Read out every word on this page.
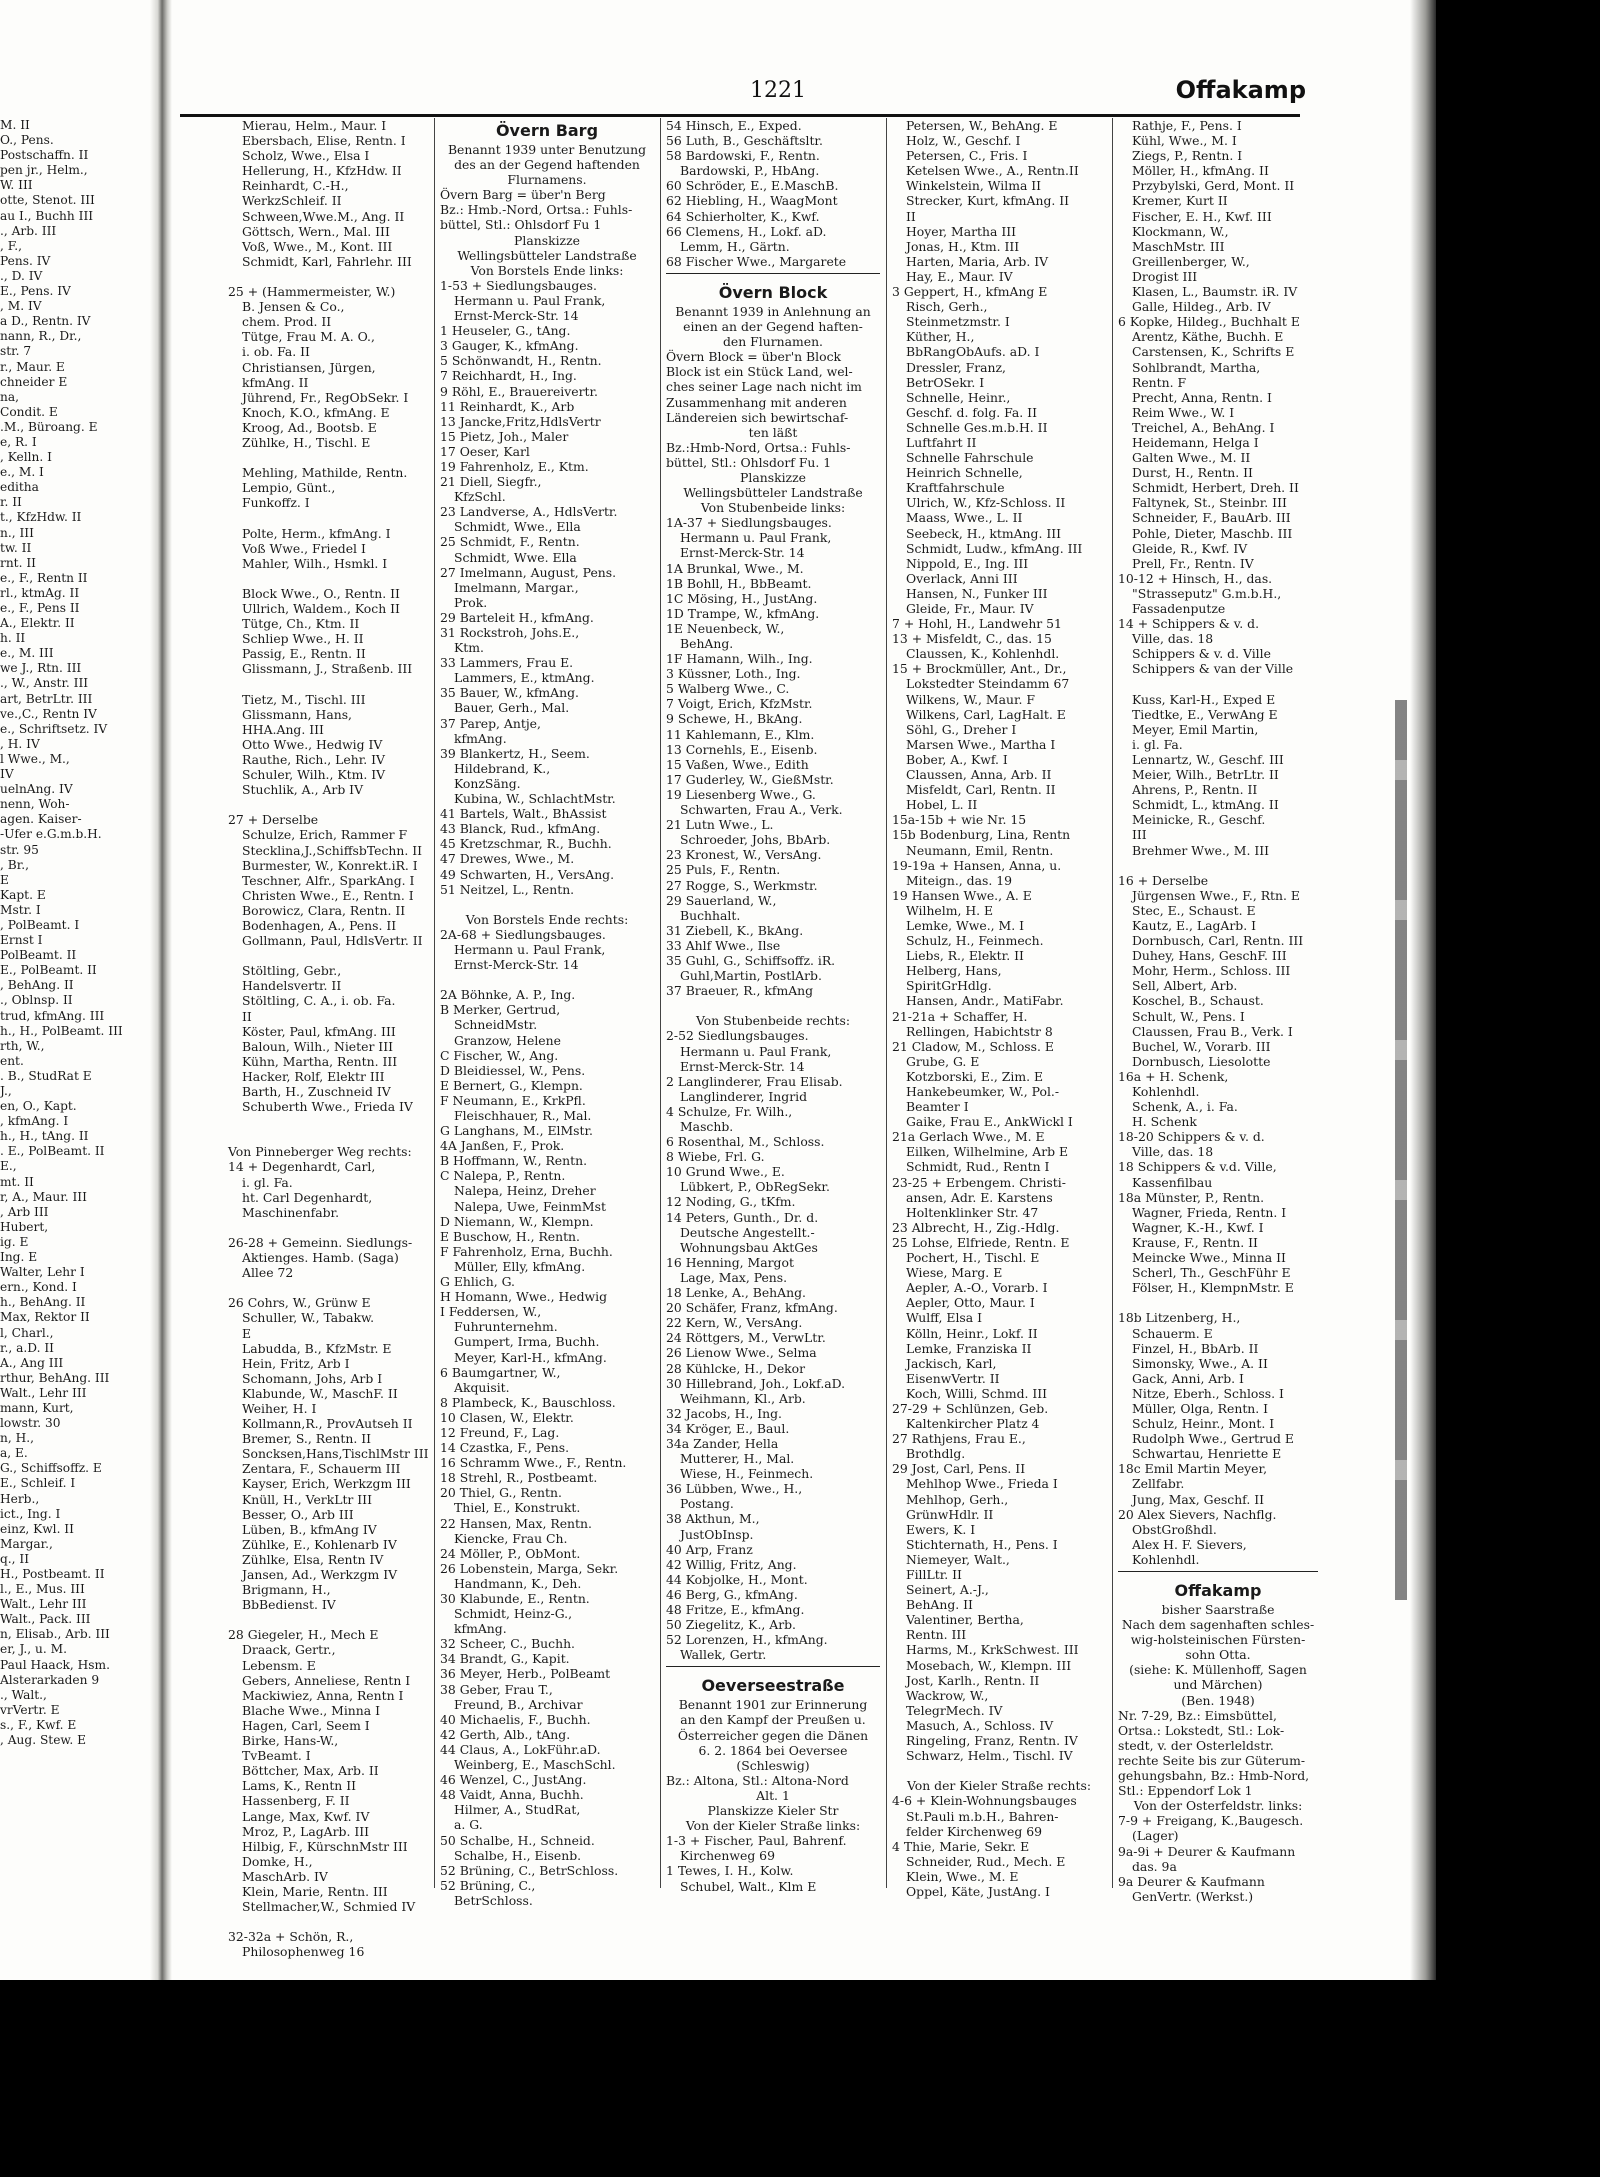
1221	Offakamp
M. II
O., Pens.
Postschaffn. II
pen jr., Helm.,
W. III
otte, Stenot. III
au I., Buchh III
., Arb. III
, F.,
Pens. IV
., D. IV
E., Pens. IV
, M. IV
a D., Rentn. IV
nann, R., Dr.,
str. 7
r., Maur. E
chneider E
na,
Condit. E
.M., Büroang. E
e, R. I
, Kelln. I
e., M. I
editha
r. II
t., KfzHdw. II
n., III
tw. II
rnt. II
e., F., Rentn II
rl., ktmAg. II
e., F., Pens II
A., Elektr. II
h. II
e., M. III
we J., Rtn. III
., W., Anstr. III
art, BetrLtr. III
ve.,C., Rentn IV
e., Schriftsetz. IV
, H. IV
l Wwe., M.,
IV
uelnAng. IV
nenn, Woh-
agen. Kaiser-
-Ufer e.G.m.b.H.
str. 95
, Br.,
E
Kapt. E
Mstr. I
, PolBeamt. I
Ernst I
PolBeamt. II
E., PolBeamt. II
, BehAng. II
., Oblnsp. II
trud, kfmAng. III
h., H., PolBeamt. III
rth, W.,
ent.
. B., StudRat E
J.,
en, O., Kapt.
, kfmAng. I
h., H., tAng. II
. E., PolBeamt. II
E.,
mt. II
r, A., Maur. III
, Arb III
Hubert,
ig. E
Ing. E
Walter, Lehr I
ern., Kond. I
h., BehAng. II
Max, Rektor II
l, Charl.,
r., a.D. II
A., Ang III
rthur, BehAng. III
Walt., Lehr III
mann, Kurt,
lowstr. 30
n, H.,
a, E.
G., Schiffsoffz. E
E., Schleif. I
Herb.,
ict., Ing. I
einz, Kwl. II
Margar.,
q., II
H., Postbeamt. II
l., E., Mus. III
Walt., Lehr III
Walt., Pack. III
n, Elisab., Arb. III
er, J., u. M.
Paul Haack, Hsm.
Alsterarkaden 9
., Walt.,
vrVertr. E
s., F., Kwf. E
, Aug. Stew. E
Mierau, Helm., Maur. I
Ebersbach, Elise, Rentn. I
Scholz, Wwe., Elsa I
Hellerung, H., KfzHdw. II
Reinhardt, C.-H.,
WerkzSchleif. II
Schween,Wwe.M., Ang. II
Göttsch, Wern., Mal. III
Voß, Wwe., M., Kont. III
Schmidt, Karl, Fahrlehr. III

25 + (Hammermeister, W.)
B. Jensen & Co.,
chem. Prod. II
Tütge, Frau M. A. O.,
i. ob. Fa. II
Christiansen, Jürgen,
kfmAng. II
Jührend, Fr., RegObSekr. I
Knoch, K.O., kfmAng. E
Kroog, Ad., Bootsb. E
Zühlke, H., Tischl. E

Mehling, Mathilde, Rentn.
Lempio, Günt.,
Funkoffz. I

Polte, Herm., kfmAng. I
Voß Wwe., Friedel I
Mahler, Wilh., Hsmkl. I

Block Wwe., O., Rentn. II
Ullrich, Waldem., Koch II
Tütge, Ch., Ktm. II
Schliep Wwe., H. II
Passig, E., Rentn. II
Glissmann, J., Straßenb. III

Tietz, M., Tischl. III
Glissmann, Hans,
HHA.Ang. III
Otto Wwe., Hedwig IV
Rauthe, Rich., Lehr. IV
Schuler, Wilh., Ktm. IV
Stuchlik, A., Arb IV

27 + Derselbe
Schulze, Erich, Rammer F
Stecklina,J.,SchiffsbTechn. II
Burmester, W., Konrekt.iR. I
Teschner, Alfr., SparkAng. I
Christen Wwe., E., Rentn. I
Borowicz, Clara, Rentn. II
Bodenhagen, A., Pens. II
Gollmann, Paul, HdlsVertr. II

Stöltling, Gebr.,
Handelsvertr. II
Stöltling, C. A., i. ob. Fa.
II
Köster, Paul, kfmAng. III
Baloun, Wilh., Nieter III
Kühn, Martha, Rentn. III
Hacker, Rolf, Elektr III
Barth, H., Zuschneid IV
Schuberth Wwe., Frieda IV

Von Pinneberger Weg rechts:
14 + Degenhardt, Carl,
i. gl. Fa.
ht. Carl Degenhardt,
Maschinenfabr.

26-28 + Gemeinn. Siedlungs-
Aktienges. Hamb. (Saga)
Allee 72

26 Cohrs, W., Grünw E
Schuller, W., Tabakw.
E
Labudda, B., KfzMstr. E
Hein, Fritz, Arb I
Schomann, Johs, Arb I
Klabunde, W., MaschF. II
Weiher, H. I
Kollmann,R., ProvAutseh II
Bremer, S., Rentn. II
Soncksen,Hans,TischlMstr III
Zentara, F., Schauerm III
Kayser, Erich, Werkzgm III
Knüll, H., VerkLtr III
Besser, O., Arb III
Lüben, B., kfmAng IV
Zühlke, E., Kohlenarb IV
Zühlke, Elsa, Rentn IV
Jansen, Ad., Werkzgm IV
Brigmann, H.,
BbBedienst. IV

28 Giegeler, H., Mech E
Draack, Gertr.,
Lebensm. E
Gebers, Anneliese, Rentn I
Mackiwiez, Anna, Rentn I
Blache Wwe., Minna I
Hagen, Carl, Seem I
Birke, Hans-W.,
TvBeamt. I
Böttcher, Max, Arb. II
Lams, K., Rentn II
Hassenberg, F. II
Lange, Max, Kwf. IV
Mroz, P., LagArb. III
Hilbig, F., KürschnMstr III
Domke, H.,
MaschArb. IV
Klein, Marie, Rentn. III
Stellmacher,W., Schmied IV

32-32a + Schön, R.,
Philosophenweg 16
Övern Barg
Benannt 1939 unter Benutzung
des an der Gegend haftenden
Flurnamens.
Övern Barg = über'n Berg
Bz.: Hmb.-Nord, Ortsa.: Fuhls-
büttel, Stl.: Ohlsdorf Fu 1
Planskizze
Wellingsbütteler Landstraße
Von Borstels Ende links:
1-53 + Siedlungsbauges.
Hermann u. Paul Frank,
Ernst-Merck-Str. 14
1 Heuseler, G., tAng.
3 Gauger, K., kfmAng.
5 Schönwandt, H., Rentn.
7 Reichhardt, H., Ing.
9 Röhl, E., Brauereivertr.
11 Reinhardt, K., Arb
13 Jancke,Fritz,HdlsVertr
15 Pietz, Joh., Maler
17 Oeser, Karl
19 Fahrenholz, E., Ktm.
21 Diell, Siegfr.,
KfzSchl.
23 Landverse, A., HdlsVertr.
Schmidt, Wwe., Ella
25 Schmidt, F., Rentn.
Schmidt, Wwe. Ella
27 Imelmann, August, Pens.
Imelmann, Margar.,
Prok.
29 Barteleit H., kfmAng.
31 Rockstroh, Johs.E.,
Ktm.
33 Lammers, Frau E.
Lammers, E., ktmAng.
35 Bauer, W., kfmAng.
Bauer, Gerh., Mal.
37 Parep, Antje,
kfmAng.
39 Blankertz, H., Seem.
Hildebrand, K.,
KonzSäng.
Kubina, W., SchlachtMstr.
41 Bartels, Walt., BhAssist
43 Blanck, Rud., kfmAng.
45 Kretzschmar, R., Buchh.
47 Drewes, Wwe., M.
49 Schwarten, H., VersAng.
51 Neitzel, L., Rentn.

Von Borstels Ende rechts:
2A-68 + Siedlungsbauges.
Hermann u. Paul Frank,
Ernst-Merck-Str. 14

2A Böhnke, A. P., Ing.
B Merker, Gertrud,
SchneidMstr.
Granzow, Helene
C Fischer, W., Ang.
D Bleidiessel, W., Pens.
E Bernert, G., Klempn.
F Neumann, E., KrkPfl.
Fleischhauer, R., Mal.
G Langhans, M., ElMstr.
4A Janßen, F., Prok.
B Hoffmann, W., Rentn.
C Nalepa, P., Rentn.
Nalepa, Heinz, Dreher
Nalepa, Uwe, FeinmMst
D Niemann, W., Klempn.
E Buschow, H., Rentn.
F Fahrenholz, Erna, Buchh.
Müller, Elly, kfmAng.
G Ehlich, G.
H Homann, Wwe., Hedwig
I Feddersen, W.,
Fuhrunternehm.
Gumpert, Irma, Buchh.
Meyer, Karl-H., kfmAng.
6 Baumgartner, W.,
Akquisit.
8 Plambeck, K., Bauschloss.
10 Clasen, W., Elektr.
12 Freund, F., Lag.
14 Czastka, F., Pens.
16 Schramm Wwe., F., Rentn.
18 Strehl, R., Postbeamt.
20 Thiel, G., Rentn.
Thiel, E., Konstrukt.
22 Hansen, Max, Rentn.
Kiencke, Frau Ch.
24 Möller, P., ObMont.
26 Lobenstein, Marga, Sekr.
Handmann, K., Deh.
30 Klabunde, E., Rentn.
Schmidt, Heinz-G.,
kfmAng.
32 Scheer, C., Buchh.
34 Brandt, G., Kapit.
36 Meyer, Herb., PolBeamt
38 Geber, Frau T.,
Freund, B., Archivar
40 Michaelis, F., Buchh.
42 Gerth, Alb., tAng.
44 Claus, A., LokFühr.aD.
Weinberg, E., MaschSchl.
46 Wenzel, C., JustAng.
48 Vaidt, Anna, Buchh.
Hilmer, A., StudRat,
a. G.
50 Schalbe, H., Schneid.
Schalbe, H., Eisenb.
52 Brüning, C., BetrSchloss.
52 Brüning, C.,
BetrSchloss.
54 Hinsch, E., Exped.
56 Luth, B., Geschäftsltr.
58 Bardowski, F., Rentn.
Bardowski, P., HbAng.
60 Schröder, E., E.MaschB.
62 Hiebling, H., WaagMont
64 Schierholter, K., Kwf.
66 Clemens, H., Lokf. aD.
Lemm, H., Gärtn.
68 Fischer Wwe., Margarete

Övern Block
Benannt 1939 in Anlehnung an
einen an der Gegend haften-
den Flurnamen.
Övern Block = über'n Block
Block ist ein Stück Land, wel-
ches seiner Lage nach nicht im
Zusammenhang mit anderen
Ländereien sich bewirtschaf-
ten läßt
Bz.:Hmb-Nord, Ortsa.: Fuhls-
büttel, Stl.: Ohlsdorf Fu. 1
Planskizze
Wellingsbütteler Landstraße
Von Stubenbeide links:
1A-37 + Siedlungsbauges.
Hermann u. Paul Frank,
Ernst-Merck-Str. 14
1A Brunkal, Wwe., M.
1B Bohll, H., BbBeamt.
1C Mösing, H., JustAng.
1D Trampe, W., kfmAng.
1E Neuenbeck, W.,
BehAng.
1F Hamann, Wilh., Ing.
3 Küssner, Loth., Ing.
5 Walberg Wwe., C.
7 Voigt, Erich, KfzMstr.
9 Schewe, H., BkAng.
11 Kahlemann, E., Klm.
13 Cornehls, E., Eisenb.
15 Vaßen, Wwe., Edith
17 Guderley, W., GießMstr.
19 Liesenberg Wwe., G.
Schwarten, Frau A., Verk.
21 Lutn Wwe., L.
Schroeder, Johs, BbArb.
23 Kronest, W., VersAng.
25 Puls, F., Rentn.
27 Rogge, S., Werkmstr.
29 Sauerland, W.,
Buchhalt.
31 Ziebell, K., BkAng.
33 Ahlf Wwe., Ilse
35 Guhl, G., Schiffsoffz. iR.
Guhl,Martin, PostlArb.
37 Braeuer, R., kfmAng

Von Stubenbeide rechts:
2-52 Siedlungsbauges.
Hermann u. Paul Frank,
Ernst-Merck-Str. 14
2 Langlinderer, Frau Elisab.
Langlinderer, Ingrid
4 Schulze, Fr. Wilh.,
Maschb.
6 Rosenthal, M., Schloss.
8 Wiebe, Frl. G.
10 Grund Wwe., E.
Lübkert, P., ObRegSekr.
12 Noding, G., tKfm.
14 Peters, Gunth., Dr. d.
Deutsche Angestellt.-
Wohnungsbau AktGes
16 Henning, Margot
Lage, Max, Pens.
18 Lenke, A., BehAng.
20 Schäfer, Franz, kfmAng.
22 Kern, W., VersAng.
24 Röttgers, M., VerwLtr.
26 Lienow Wwe., Selma
28 Kühlcke, H., Dekor
30 Hillebrand, Joh., Lokf.aD.
Weihmann, Kl., Arb.
32 Jacobs, H., Ing.
34 Kröger, E., Baul.
34a Zander, Hella
Mutterer, H., Mal.
Wiese, H., Feinmech.
36 Lübben, Wwe., H.,
Postang.
38 Akthun, M.,
JustObInsp.
40 Arp, Franz
42 Willig, Fritz, Ang.
44 Kobjolke, H., Mont.
46 Berg, G., kfmAng.
48 Fritze, E., kfmAng.
50 Ziegelitz, K., Arb.
52 Lorenzen, H., kfmAng.
Wallek, Gertr.

Oeverseestraße
Benannt 1901 zur Erinnerung
an den Kampf der Preußen u.
Österreicher gegen die Dänen
6. 2. 1864 bei Oeversee
(Schleswig)
Bz.: Altona, Stl.: Altona-Nord
Alt. 1
Planskizze Kieler Str
Von der Kieler Straße links:
1-3 + Fischer, Paul, Bahrenf.
Kirchenweg 69
1 Tewes, I. H., Kolw.
Schubel, Walt., Klm E
Petersen, W., BehAng. E
Holz, W., Geschf. I
Petersen, C., Fris. I
Ketelsen Wwe., A., Rentn.II
Winkelstein, Wilma II
Strecker, Kurt, kfmAng. II
II
Hoyer, Martha III
Jonas, H., Ktm. III
Harten, Maria, Arb. IV
Hay, E., Maur. IV
3 Geppert, H., kfmAng E
Risch, Gerh.,
Steinmetzmstr. I
Küther, H.,
BbRangObAufs. aD. I
Dressler, Franz,
BetrOSekr. I
Schnelle, Heinr.,
Geschf. d. folg. Fa. II
Schnelle Ges.m.b.H. II
Luftfahrt II
Schnelle Fahrschule
Heinrich Schnelle,
Kraftfahrschule
Ulrich, W., Kfz-Schloss. II
Maass, Wwe., L. II
Seebeck, H., ktmAng. III
Schmidt, Ludw., kfmAng. III
Nippold, E., Ing. III
Overlack, Anni III
Hansen, N., Funker III
Gleide, Fr., Maur. IV
7 + Hohl, H., Landwehr 51
13 + Misfeldt, C., das. 15
Claussen, K., Kohlenhdl.
15 + Brockmüller, Ant., Dr.,
Lokstedter Steindamm 67
Wilkens, W., Maur. F
Wilkens, Carl, LagHalt. E
Söhl, G., Dreher I
Marsen Wwe., Martha I
Bober, A., Kwf. I
Claussen, Anna, Arb. II
Misfeldt, Carl, Rentn. II
Hobel, L. II
15a-15b + wie Nr. 15
15b Bodenburg, Lina, Rentn
Neumann, Emil, Rentn.
19-19a + Hansen, Anna, u.
Miteign., das. 19
19 Hansen Wwe., A. E
Wilhelm, H. E
Lemke, Wwe., M. I
Schulz, H., Feinmech.
Liebs, R., Elektr. II
Helberg, Hans,
SpiritGrHdlg.
Hansen, Andr., MatiFabr.
21-21a + Schaffer, H.
Rellingen, Habichtstr 8
21 Cladow, M., Schloss. E
Grube, G. E
Kotzborski, E., Zim. E
Hankebeumker, W., Pol.-
Beamter I
Gaike, Frau E., AnkWickl I
21a Gerlach Wwe., M. E
Eilken, Wilhelmine, Arb E
Schmidt, Rud., Rentn I
23-25 + Erbengem. Christi-
ansen, Adr. E. Karstens
Holtenklinker Str. 47
23 Albrecht, H., Zig.-Hdlg.
25 Lohse, Elfriede, Rentn. E
Pochert, H., Tischl. E
Wiese, Marg. E
Aepler, A.-O., Vorarb. I
Aepler, Otto, Maur. I
Wulff, Elsa I
Kölln, Heinr., Lokf. II
Lemke, Franziska II
Jackisch, Karl,
EisenwVertr. II
Koch, Willi, Schmd. III
27-29 + Schlünzen, Geb.
Kaltenkircher Platz 4
27 Rathjens, Frau E.,
Brothdlg.
29 Jost, Carl, Pens. II
Mehlhop Wwe., Frieda I
Mehlhop, Gerh.,
GrünwHdlr. II
Ewers, K. I
Stichternath, H., Pens. I
Niemeyer, Walt.,
FillLtr. II
Seinert, A.-J.,
BehAng. II
Valentiner, Bertha,
Rentn. III
Harms, M., KrkSchwest. III
Mosebach, W., Klempn. III
Jost, Karlh., Rentn. II
Wackrow, W.,
TelegrMech. IV
Masuch, A., Schloss. IV
Ringeling, Franz, Rentn. IV
Schwarz, Helm., Tischl. IV

Von der Kieler Straße rechts:
4-6 + Klein-Wohnungsbauges
St.Pauli m.b.H., Bahren-
felder Kirchenweg 69
4 Thie, Marie, Sekr. E
Schneider, Rud., Mech. E
Klein, Wwe., M. E
Oppel, Käte, JustAng. I
Rathje, F., Pens. I
Kühl, Wwe., M. I
Ziegs, P., Rentn. I
Möller, H., kfmAng. II
Przybylski, Gerd, Mont. II
Kremer, Kurt II
Fischer, E. H., Kwf. III
Klockmann, W.,
MaschMstr. III
Greillenberger, W.,
Drogist III
Klasen, L., Baumstr. iR. IV
Galle, Hildeg., Arb. IV
6 Kopke, Hildeg., Buchhalt E
Arentz, Käthe, Buchh. E
Carstensen, K., Schrifts E
Sohlbrandt, Martha,
Rentn. F
Precht, Anna, Rentn. I
Reim Wwe., W. I
Treichel, A., BehAng. I
Heidemann, Helga I
Galten Wwe., M. II
Durst, H., Rentn. II
Schmidt, Herbert, Dreh. II
Faltynek, St., Steinbr. III
Schneider, F., BauArb. III
Pohle, Dieter, Maschb. III
Gleide, R., Kwf. IV
Prell, Fr., Rentn. IV
10-12 + Hinsch, H., das.
"Strasseputz" G.m.b.H.,
Fassadenputze
14 + Schippers & v. d.
Ville, das. 18
Schippers & v. d. Ville
Schippers & van der Ville

Kuss, Karl-H., Exped E
Tiedtke, E., VerwAng E
Meyer, Emil Martin,
i. gl. Fa.
Lennartz, W., Geschf. III
Meier, Wilh., BetrLtr. II
Ahrens, P., Rentn. II
Schmidt, L., ktmAng. II
Meinicke, R., Geschf.
III
Brehmer Wwe., M. III

16 + Derselbe
Jürgensen Wwe., F., Rtn. E
Stec, E., Schaust. E
Kautz, E., LagArb. I
Dornbusch, Carl, Rentn. III
Duhey, Hans, GeschF. III
Mohr, Herm., Schloss. III
Sell, Albert, Arb.
Koschel, B., Schaust.
Schult, W., Pens. I
Claussen, Frau B., Verk. I
Buchel, W., Vorarb. III
Dornbusch, Liesolotte
16a + H. Schenk,
Kohlenhdl.
Schenk, A., i. Fa.
H. Schenk
18-20 Schippers & v. d.
Ville, das. 18
18 Schippers & v.d. Ville,
Kassenfilbau
18a Münster, P., Rentn.
Wagner, Frieda, Rentn. I
Wagner, K.-H., Kwf. I
Krause, F., Rentn. II
Meincke Wwe., Minna II
Scherl, Th., GeschFühr E
Fölser, H., KlempnMstr. E

18b Litzenberg, H.,
Schauerm. E
Finzel, H., BbArb. II
Simonsky, Wwe., A. II
Gack, Anni, Arb. I
Nitze, Eberh., Schloss. I
Müller, Olga, Rentn. I
Schulz, Heinr., Mont. I
Rudolph Wwe., Gertrud E
Schwartau, Henriette E
18c Emil Martin Meyer,
Zellfabr.
Jung, Max, Geschf. II
20 Alex Sievers, Nachflg.
ObstGroßhdl.
Alex H. F. Sievers,
Kohlenhdl.

Offakamp
bisher Saarstraße
Nach dem sagenhaften schles-
wig-holsteinischen Fürsten-
sohn Otta.
(siehe: K. Müllenhoff, Sagen
und Märchen)
(Ben. 1948)
Nr. 7-29, Bz.: Eimsbüttel,
Ortsa.: Lokstedt, Stl.: Lok-
stedt, v. der Osterleldstr.
rechte Seite bis zur Güterum-
gehungsbahn, Bz.: Hmb-Nord,
Stl.: Eppendorf Lok 1
Von der Osterfeldstr. links:
7-9 + Freigang, K.,Baugesch.
(Lager)
9a-9i + Deurer & Kaufmann
das. 9a
9a Deurer & Kaufmann
GenVertr. (Werkst.)
